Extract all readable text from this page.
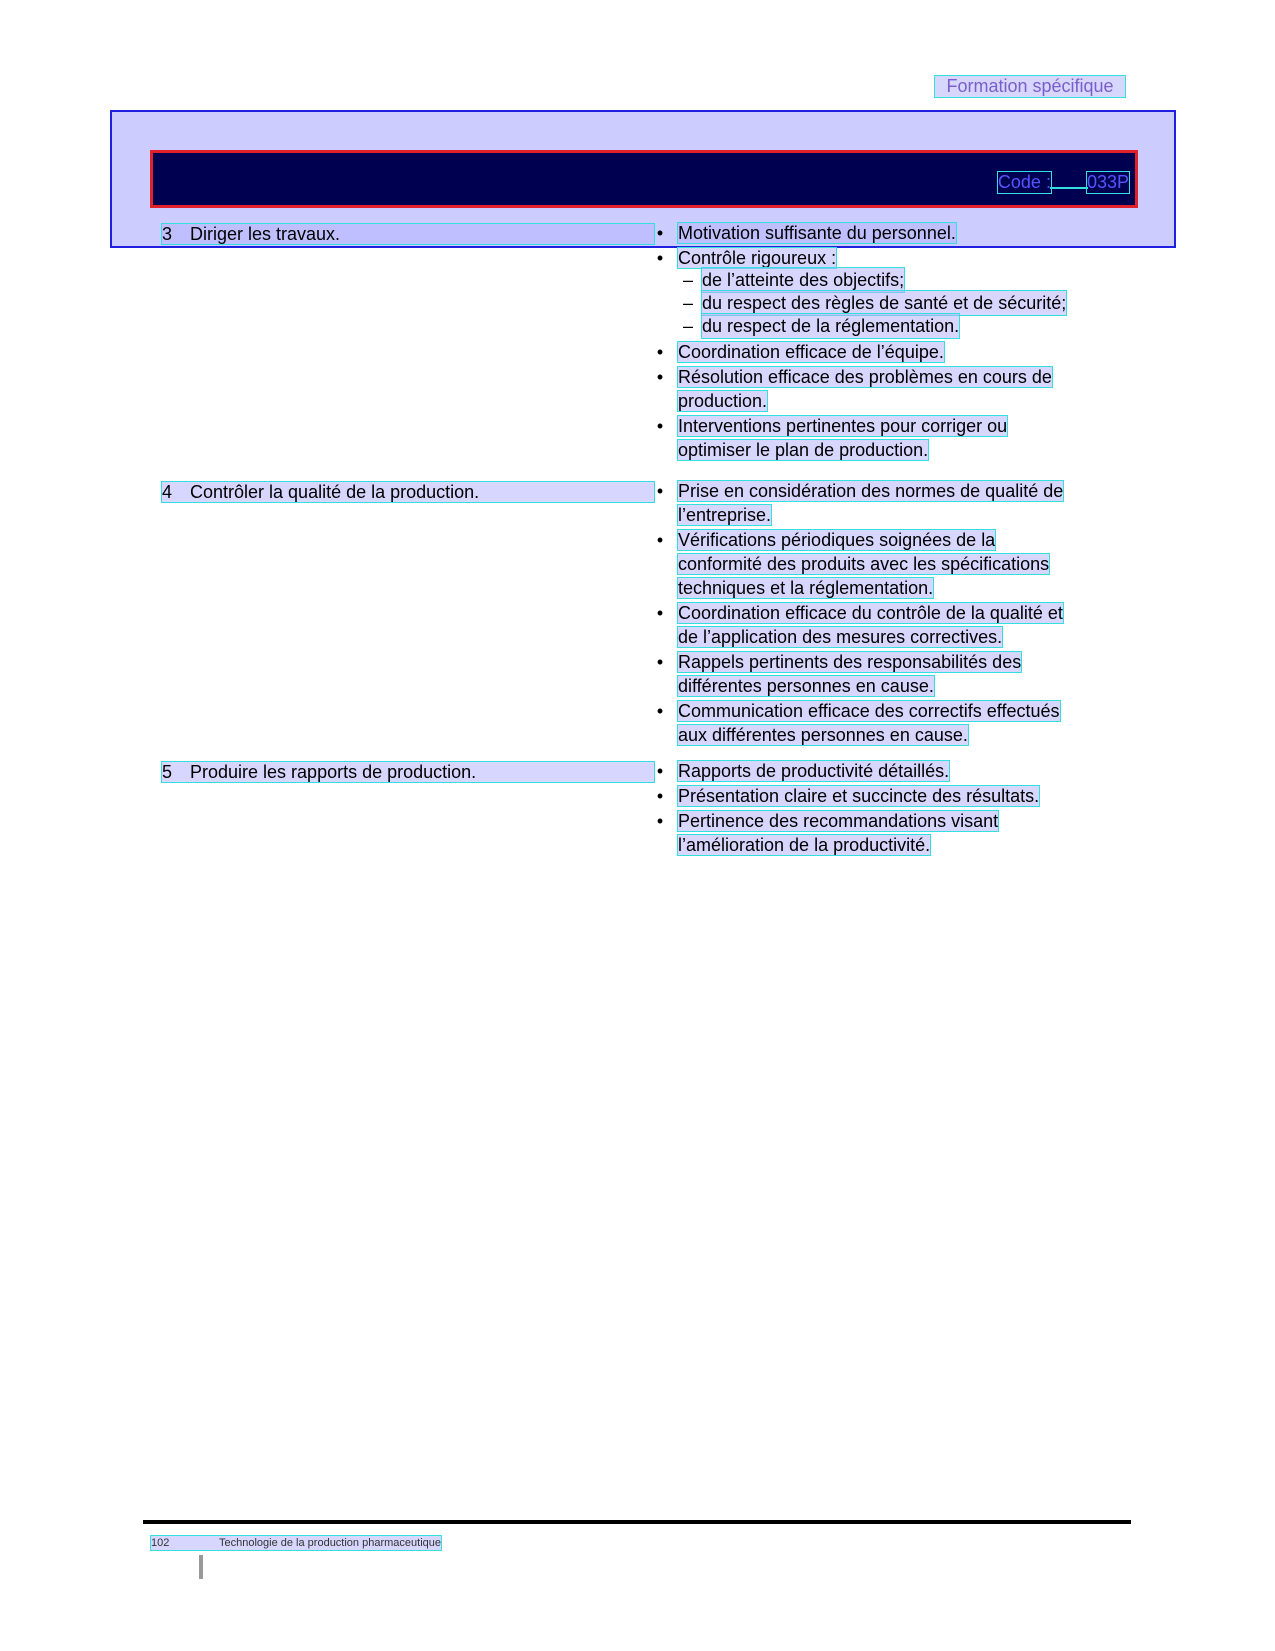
Formation spécifique
Code : 033P
3 Diriger les travaux.	• Motivation suffisante du personnel.
• Contrôle rigoureux :
– de l’atteinte des objectifs;
– du respect des règles de santé et de sécurité;
– du respect de la réglementation.
• Coordination efficace de l’équipe.
• Résolution efficace des problèmes en cours de
production.
• Interventions pertinentes pour corriger ou
optimiser le plan de production.
4 Contrôler la qualité de la production.	• Prise en considération des normes de qualité de
l’entreprise.
• Vérifications périodiques soignées de la
conformité des produits avec les spécifications
techniques et la réglementation.
• Coordination efficace du contrôle de la qualité et
de l’application des mesures correctives.
• Rappels pertinents des responsabilités des
différentes personnes en cause.
• Communication efficace des correctifs effectués
aux différentes personnes en cause.
5 Produire les rapports de production.	• Rapports de productivité détaillés.
• Présentation claire et succincte des résultats.
• Pertinence des recommandations visant
l’amélioration de la productivité.
102	Technologie de la production pharmaceutique
